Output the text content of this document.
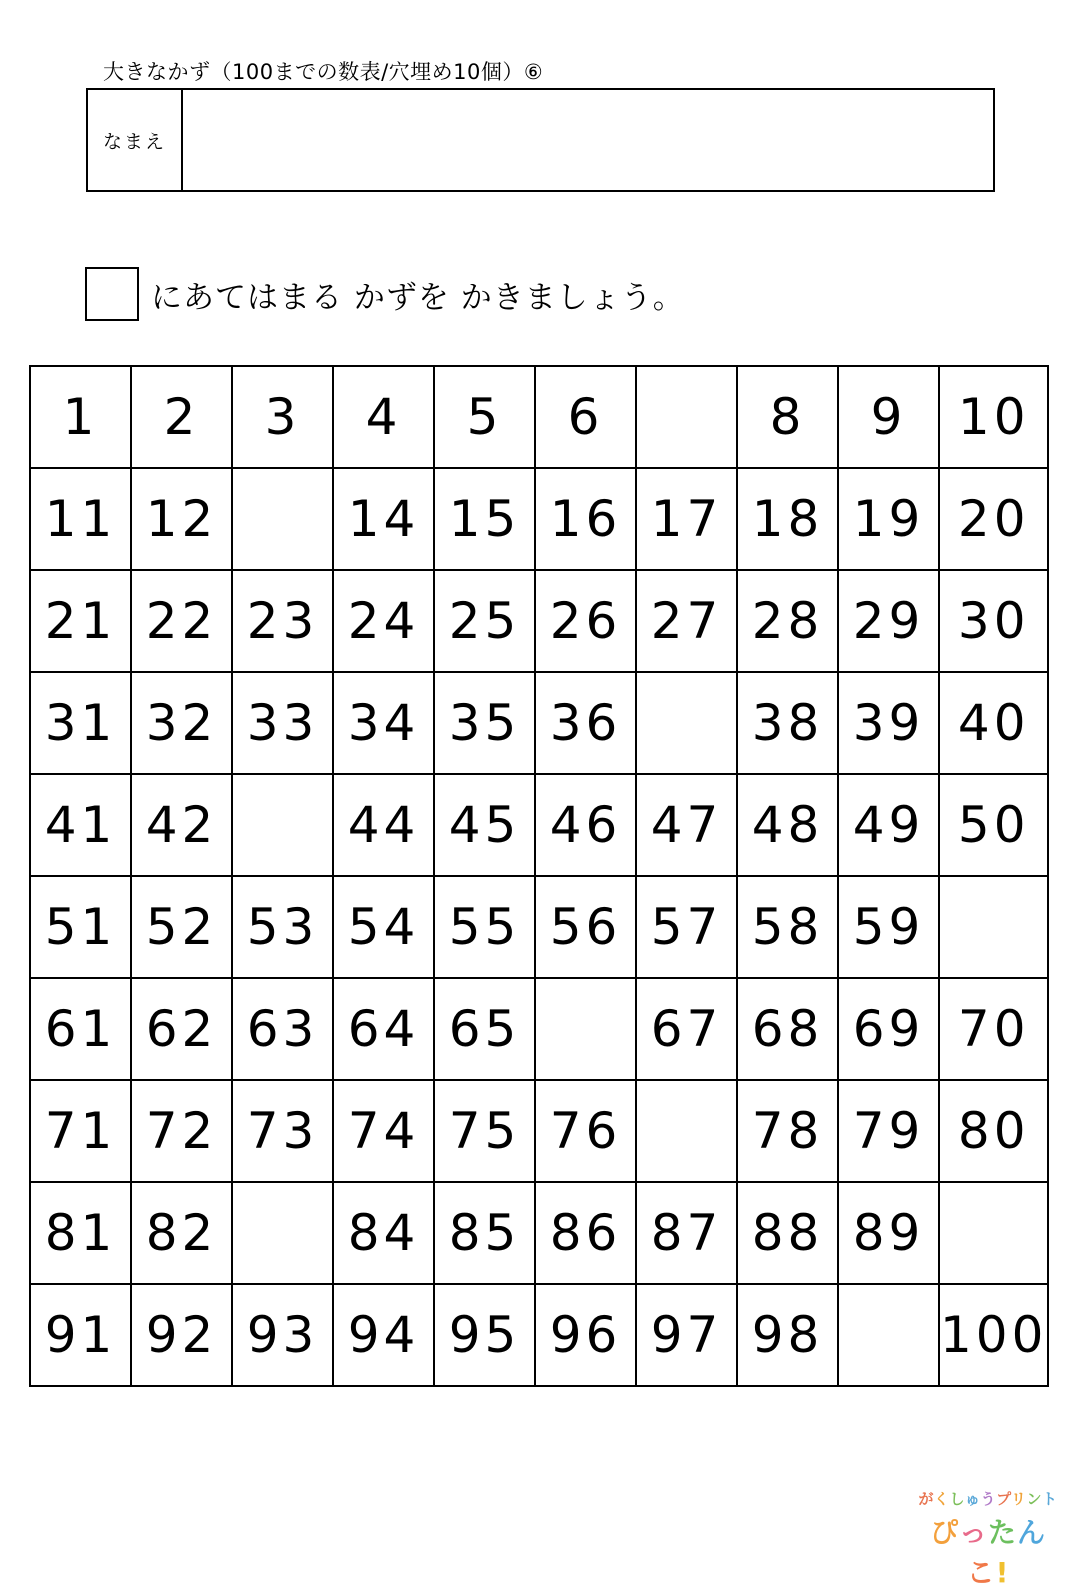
大きなかず（100までの数表/穴埋め10個）⑥
なまえ
にあてはまる かずを かきましょう。
1	2	3	4	5	6		8	9	10
11	12		14	15	16	17	18	19	20
21	22	23	24	25	26	27	28	29	30
31	32	33	34	35	36		38	39	40
41	42		44	45	46	47	48	49	50
51	52	53	54	55	56	57	58	59	
61	62	63	64	65		67	68	69	70
71	72	73	74	75	76		78	79	80
81	82		84	85	86	87	88	89	
91	92	93	94	95	96	97	98		100
がくしゅうプリント
ぴったんこ!
